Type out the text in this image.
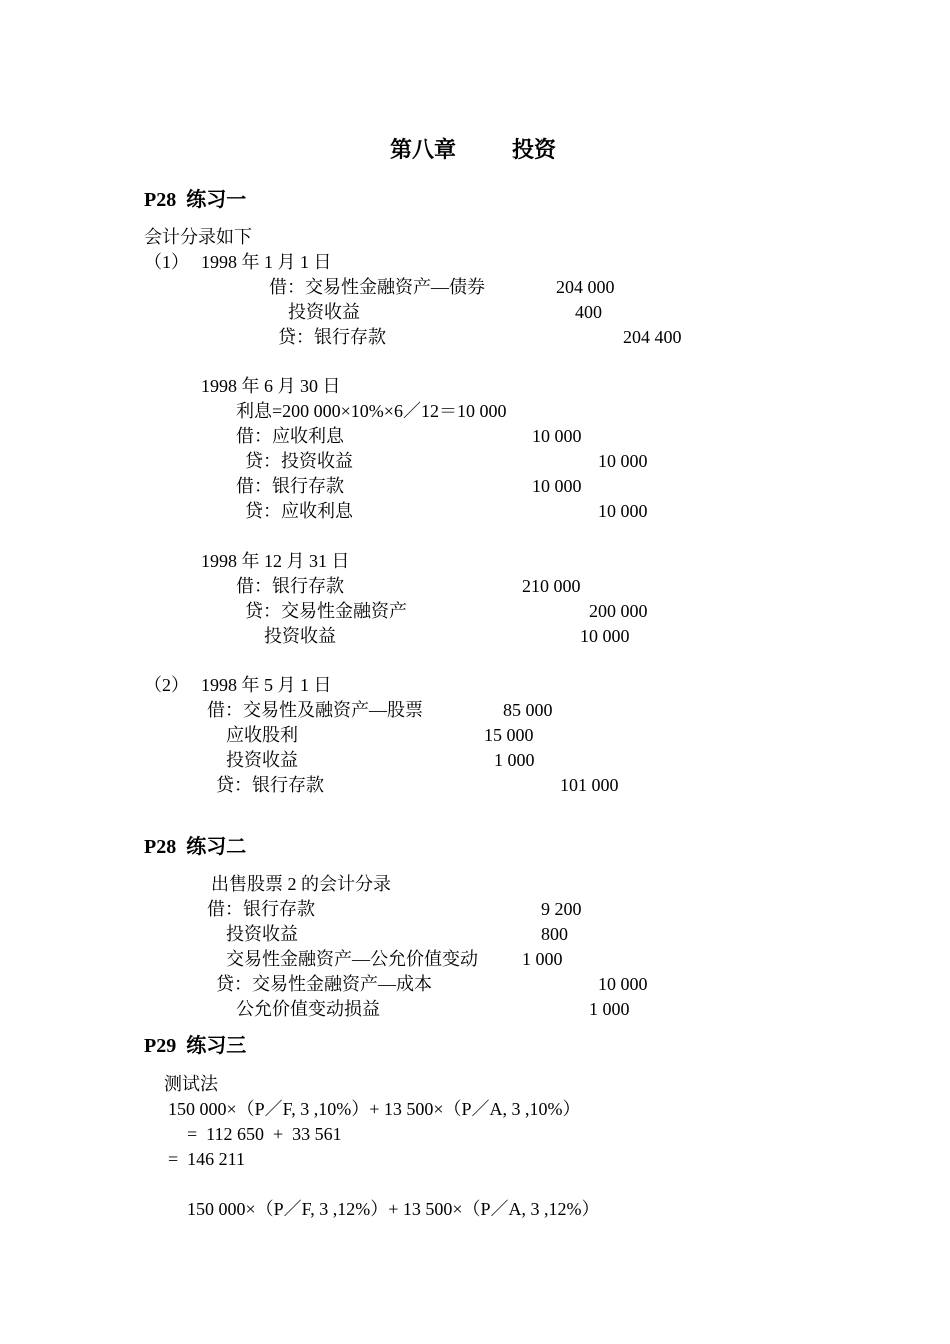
第八章	投资
P28  练习一
会计分录如下
（1） 1998 年 1 月 1 日
借：交易性金融资产—债券	204 000
投资收益	400
贷：银行存款	204 400
1998 年 6 月 30 日
利息=200 000×10%×6／12＝10 000
借：应收利息	10 000
贷：投资收益	10 000
借：银行存款	10 000
贷：应收利息	10 000
1998 年 12 月 31 日
借：银行存款	210 000
贷：交易性金融资产	200 000
投资收益	10 000
（2） 1998 年 5 月 1 日
借：交易性及融资产—股票	85 000
应收股利	15 000
投资收益	1 000
贷：银行存款	101 000
P28  练习二
出售股票 2 的会计分录
借：银行存款	9 200
投资收益	800
交易性金融资产—公允价值变动 1 000
贷：交易性金融资产—成本	10 000
公允价值变动损益	1 000
P29  练习三
测试法
150 000×（P／F, 3 ,10%）+ 13 500×（P／A, 3 ,10%）
=  112 650  +  33 561
=  146 211
150 000×（P／F, 3 ,12%）+ 13 500×（P／A, 3 ,12%）
